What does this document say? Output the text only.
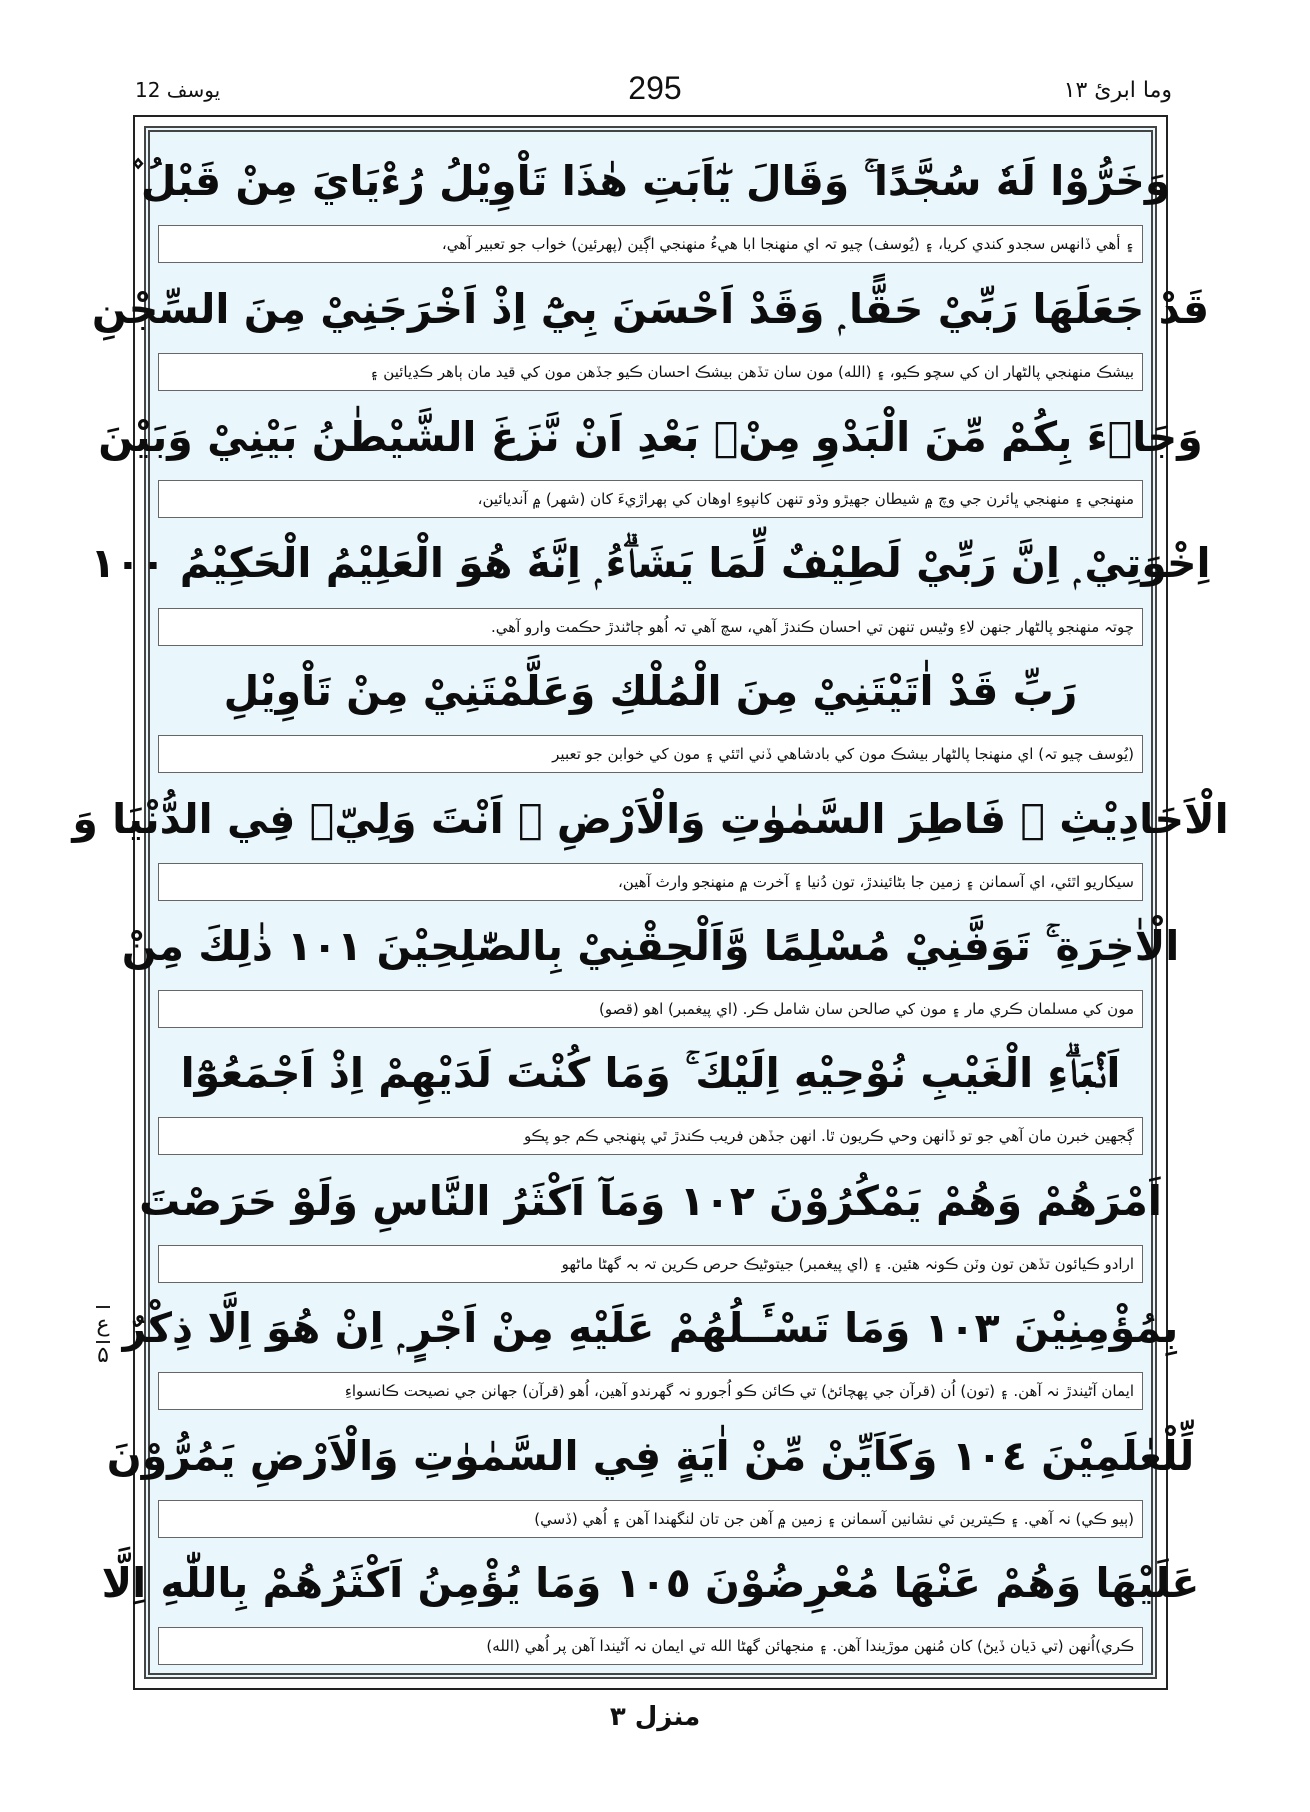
يوسف 12	295	وما ابرئ ۱۳
وَخَرُّوْا لَهٗ سُجَّدًا ۚ وَقَالَ يٰٓاَبَتِ هٰذَا تَاْوِيْلُ رُءْيَايَ مِنْ قَبْلُ ۫
۽ أهي ڏانهس سجدو كندي كريا، ۽ (يُوسف) چيو تہ اي منهنجا ابا هيءُ منهنجي اڳين (پهرئين) خواب جو تعبير آهي،
قَدْ جَعَلَهَا رَبِّيْ حَقًّا ۭ وَقَدْ اَحْسَنَ بِيْٓ اِذْ اَخْرَجَنِيْ مِنَ السِّجْنِ
بيشڪ منهنجي پالڻهار ان کي سچو ڪيو، ۽ (الله) مون سان تڏهن بيشڪ احسان ڪيو جڏهن مون کي قيد مان ٻاهر ڪڍيائين ۽
وَجَاۗءَ بِكُمْ مِّنَ الْبَدْوِ مِنْۢ بَعْدِ اَنْ نَّزَغَ الشَّيْطٰنُ بَيْنِيْ وَبَيْنَ
منهنجي ۽ منهنجي ڀائرن جي وچ ۾ شيطان جهيڙو وڌو تنهن کانپوءِ اوهان کي ٻهراڙيءَ کان (شهر) ۾ آنديائين،
اِخْوَتِيْ ۭ اِنَّ رَبِّيْ لَطِيْفٌ لِّمَا يَشَاۗءُ ۭ اِنَّهٗ هُوَ الْعَلِيْمُ الْحَكِيْمُ ١٠٠
چوتہ منهنجو پالڻهار جنهن لاءِ وڻيس تنهن تي احسان ڪندڙ آهي، سچ آهي تہ اُهو ڄاڻندڙ حڪمت وارو آهي.
رَبِّ قَدْ اٰتَيْتَنِيْ مِنَ الْمُلْكِ وَعَلَّمْتَنِيْ مِنْ تَاْوِيْلِ
(يُوسف چيو تہ) اي منهنجا پالڻهار بيشڪ مون کي بادشاهي ڏني اٿئي ۽ مون کي خوابن جو تعبير
الْاَحَادِيْثِ ۚ فَاطِرَ السَّمٰوٰتِ وَالْاَرْضِ ۣ اَنْتَ وَلِيّٖ فِي الدُّنْيَا وَ
سيکاريو اٿئي، اي آسمانن ۽ زمين جا بڻائيندڙ، تون دُنيا ۽ آخرت ۾ منهنجو وارث آهين،
الْاٰخِرَةِ ۚ تَوَفَّنِيْ مُسْلِمًا وَّاَلْحِقْنِيْ بِالصّٰلِحِيْنَ ١٠١ ذٰلِكَ مِنْ
مون کي مسلمان ڪري مار ۽ مون کي صالحن سان شامل ڪر. (اي پيغمبر) اهو (قصو)
اَنْۢبَاۗءِ الْغَيْبِ نُوْحِيْهِ اِلَيْكَ ۚ وَمَا كُنْتَ لَدَيْهِمْ اِذْ اَجْمَعُوْٓا
ڳجهين خبرن مان آهي جو تو ڏانهن وحي ڪريون ٿا. انهن جڏهن فريب ڪندڙ ٿي پنهنجي ڪم جو پڪو
اَمْرَهُمْ وَهُمْ يَمْكُرُوْنَ ١٠٢ وَمَآ اَكْثَرُ النَّاسِ وَلَوْ حَرَصْتَ
ارادو ڪيائون تڏهن تون وٽن ڪونہ هئين. ۽ (اي پيغمبر) جيتوڻيڪ حرص ڪرين تہ بہ گھڻا ماڻھو
بِمُؤْمِنِيْنَ ١٠٣ وَمَا تَسْـَٔـلُهُمْ عَلَيْهِ مِنْ اَجْرٍ ۭ اِنْ هُوَ اِلَّا ذِكْرٌ
ايمان آڻيندڙ نہ آهن. ۽ (تون) اُن (قرآن جي پھچائڻ) تي ڪائن ڪو اُجورو نہ گھرندو آهين، اُهو (قرآن) جهانن جي نصيحت ڪانسواءِ
لِّلْعٰلَمِيْنَ ١٠٤ وَكَاَيِّنْ مِّنْ اٰيَةٍ فِي السَّمٰوٰتِ وَالْاَرْضِ يَمُرُّوْنَ
(ٻيو ڪي) نہ آهي. ۽ ڪيترين ئي نشانين آسمانن ۽ زمين ۾ آهن جن تان لنگھندا آهن ۽ اُهي (ڏسي)
عَلَيْهَا وَهُمْ عَنْهَا مُعْرِضُوْنَ ١٠٥ وَمَا يُؤْمِنُ اَكْثَرُهُمْ بِاللّٰهِ اِلَّا
ڪري)اُنهن (تي ڌيان ڏيڻ) کان مُنهن موڙيندا آهن. ۽ منجهائن گھڻا الله تي ايمان نہ آڻيندا آهن پر اُهي (الله)
ع
۵
منزل ۳
